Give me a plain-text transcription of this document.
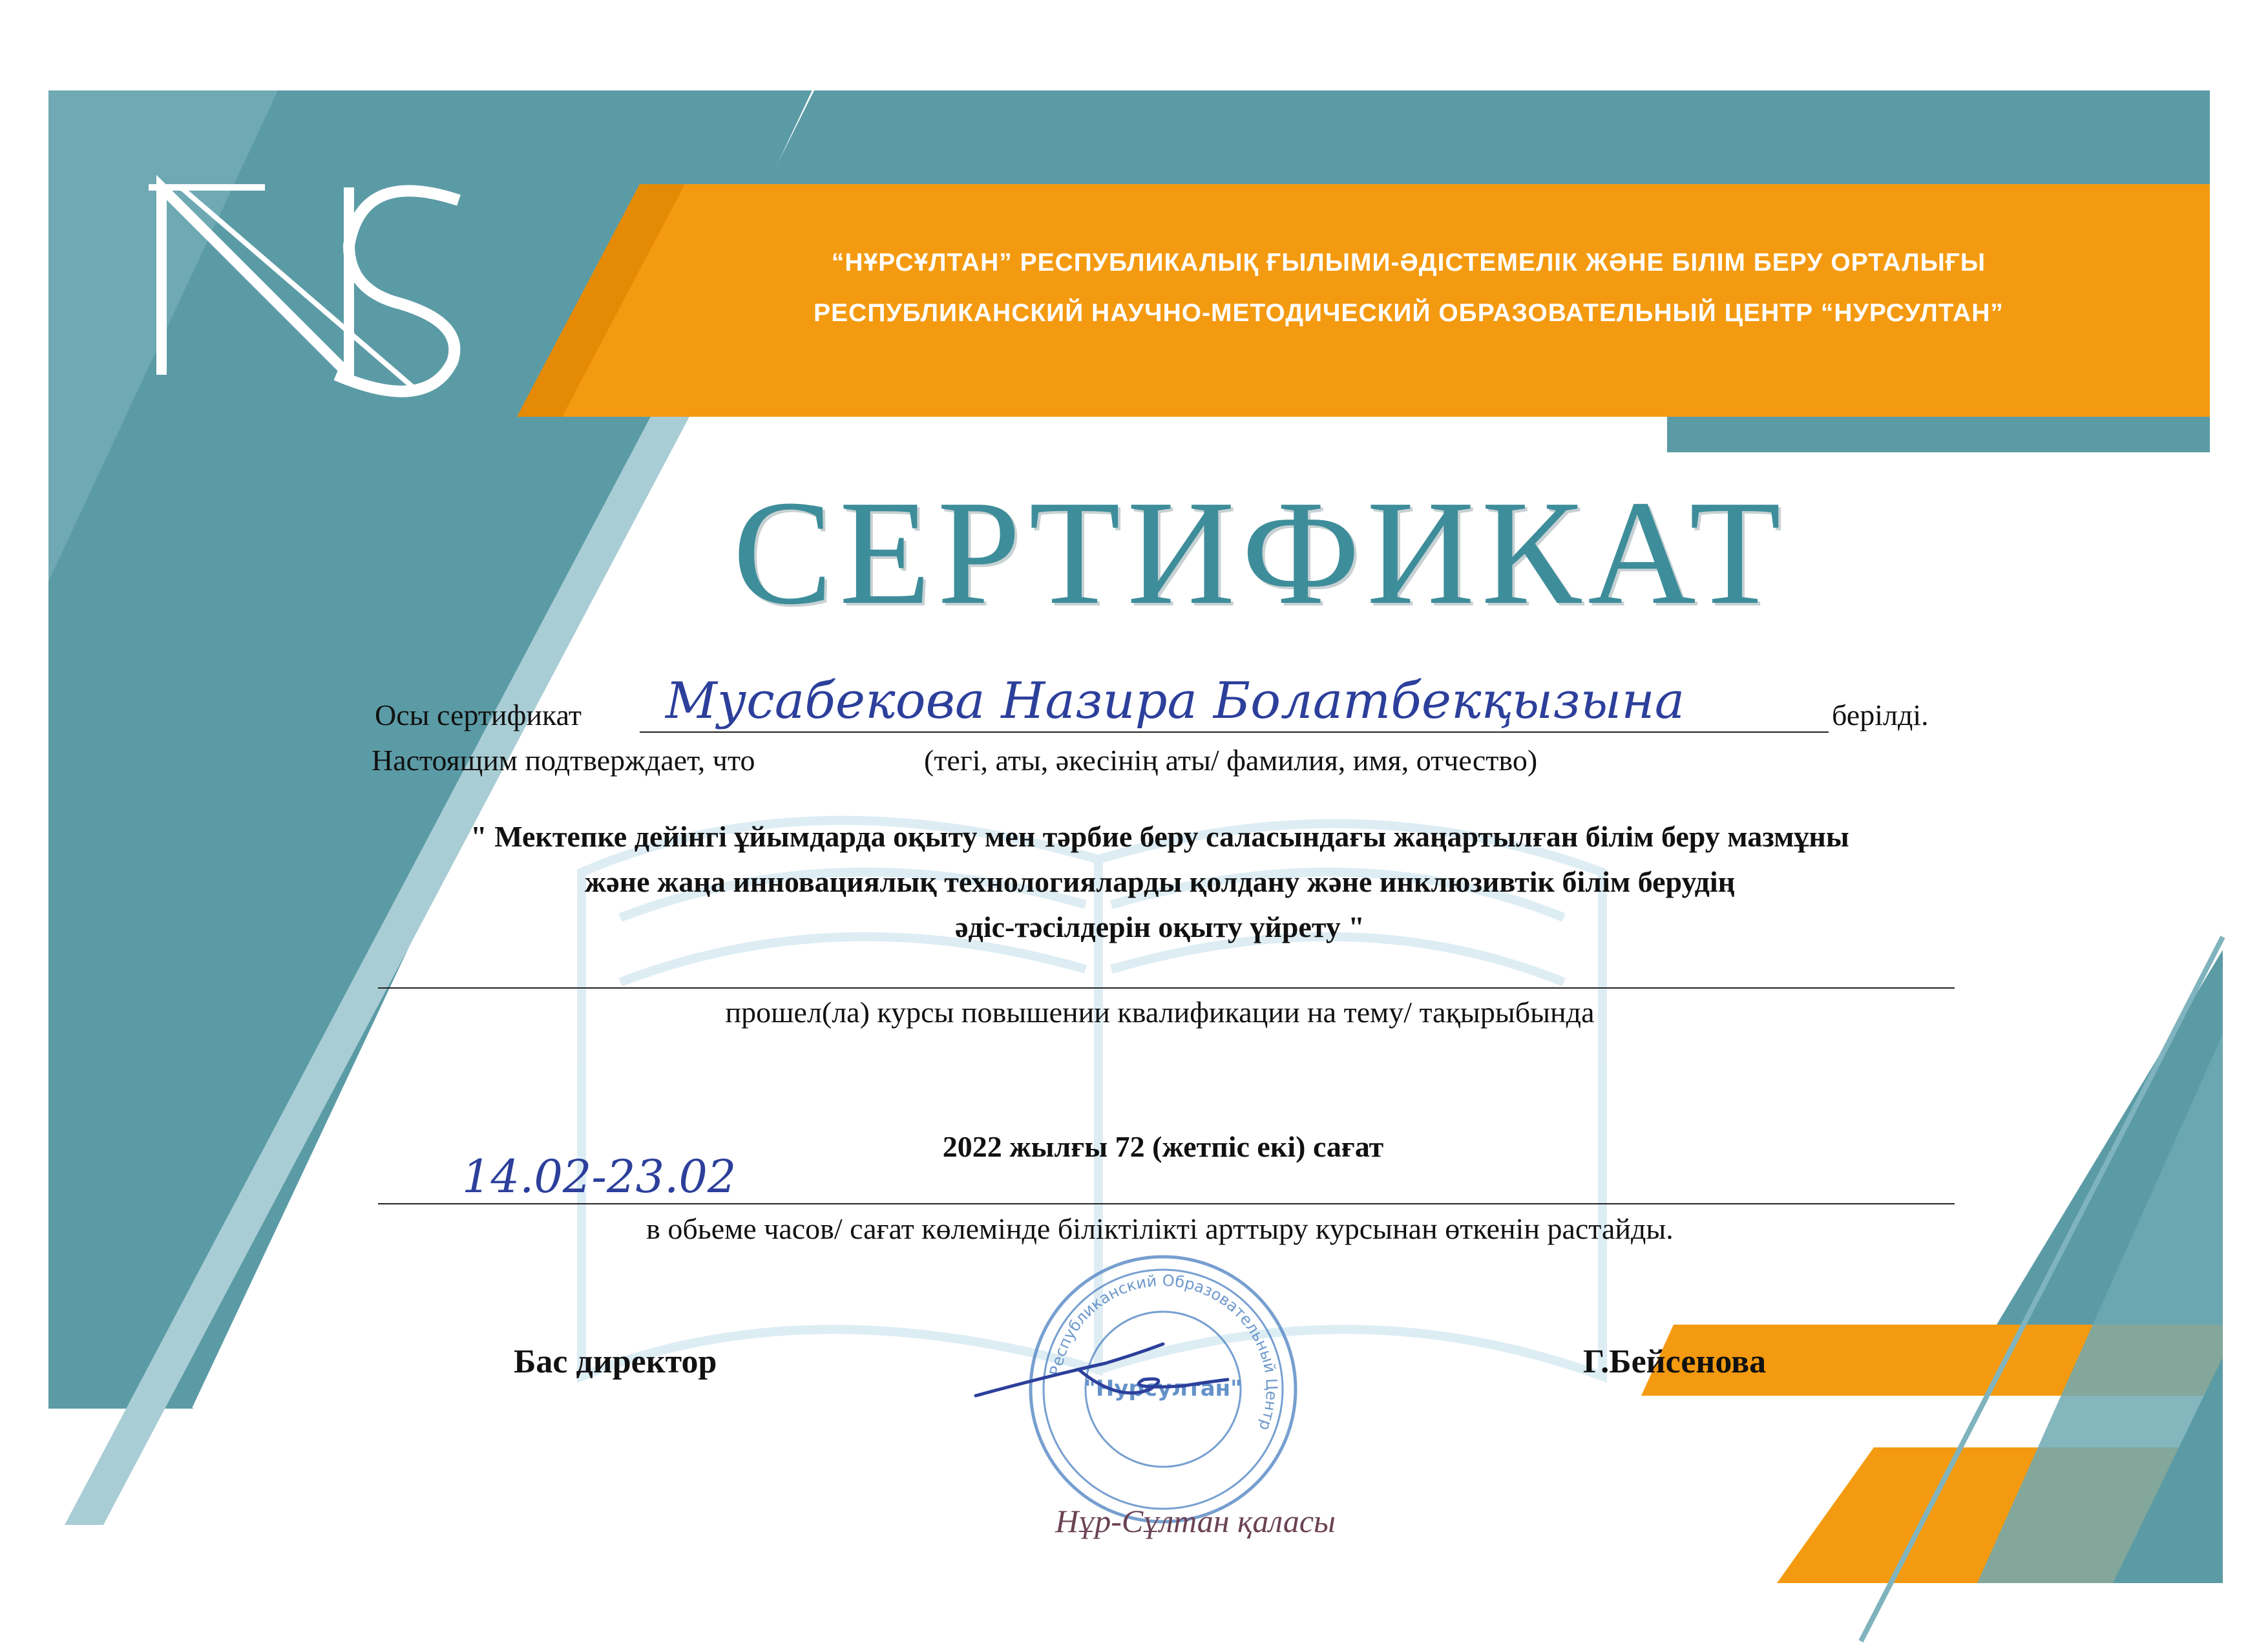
“НҰРСҰЛТАН” РЕСПУБЛИКАЛЫҚ ҒЫЛЫМИ-ӘДІСТЕМЕЛІК ЖӘНЕ БІЛІМ БЕРУ ОРТАЛЫҒЫ
РЕСПУБЛИКАНСКИЙ НАУЧНО-МЕТОДИЧЕСКИЙ ОБРАЗОВАТЕЛЬНЫЙ ЦЕНТР “НУРСУЛТАН”
СЕРТИФИКАТ
Осы сертификат Мусабекова Назира Болатбекқызына	берілді.
Настоящим подтверждает, что	(тегі, аты, әкесінің аты/ фамилия, имя, отчество)
" Мектепке дейінгі ұйымдарда оқыту мен тәрбие беру саласындағы жаңартылған білім беру мазмұны
және жаңа инновациялық технологияларды қолдану және инклюзивтік білім берудің
әдіс-тәсілдерін оқыту үйрету "
прошел(ла) курсы повышении квалификации на тему/ тақырыбында
14.02-23.02
2022 жылғы 72 (жетпіс екі) сағат
в обьеме часов/ сағат көлемінде біліктілікті арттыру курсынан өткенін растайды.
Республиканский Образовательный Центр
"Нурсултан"
Бас директор	Г.Бейсенова
Нұр-Сұлтан қаласы
